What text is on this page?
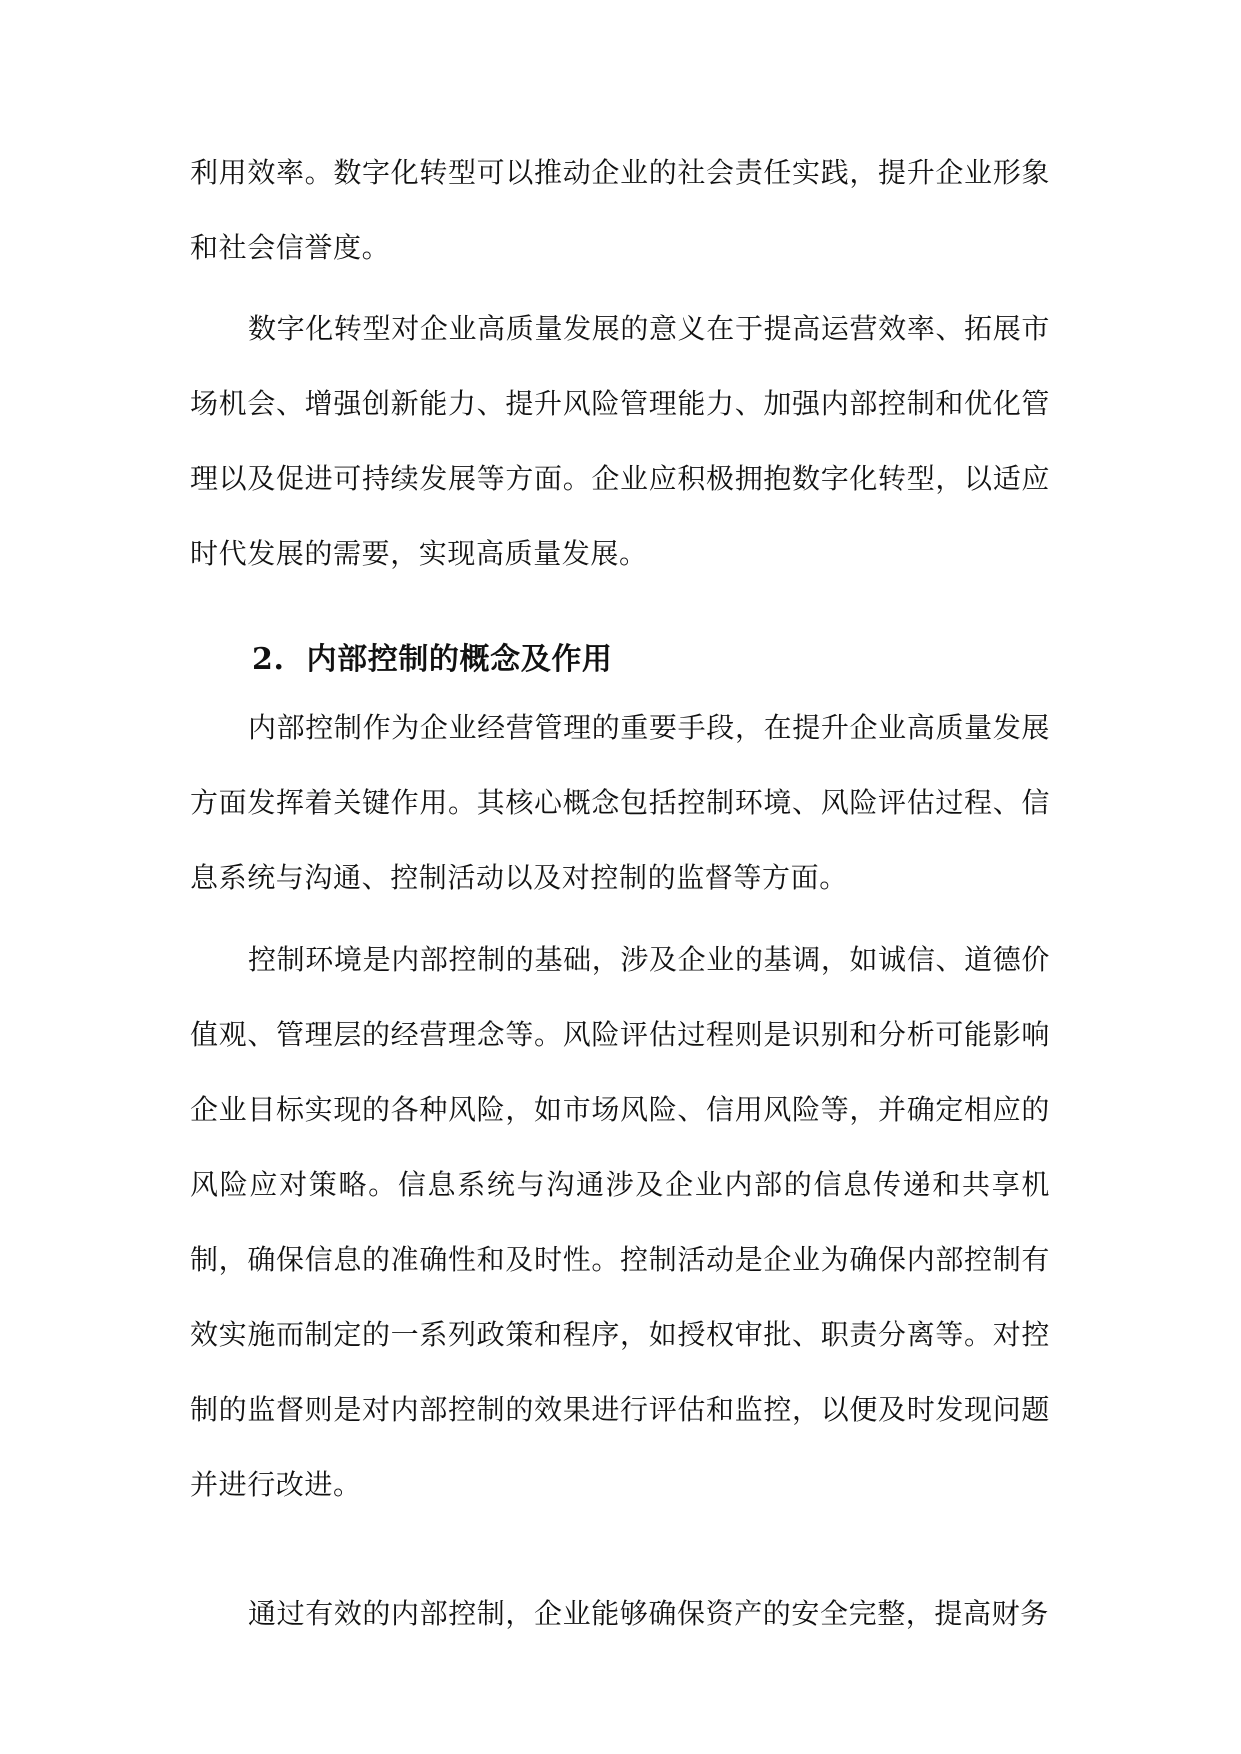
利用效率。数字化转型可以推动企业的社会责任实践，提升企业形象和社会信誉度。

数字化转型对企业高质量发展的意义在于提高运营效率、拓展市场机会、增强创新能力、提升风险管理能力、加强内部控制和优化管理以及促进可持续发展等方面。企业应积极拥抱数字化转型，以适应时代发展的需要，实现高质量发展。

2. 内部控制的概念及作用

内部控制作为企业经营管理的重要手段，在提升企业高质量发展方面发挥着关键作用。其核心概念包括控制环境、风险评估过程、信息系统与沟通、控制活动以及对控制的监督等方面。

控制环境是内部控制的基础，涉及企业的基调，如诚信、道德价值观、管理层的经营理念等。风险评估过程则是识别和分析可能影响企业目标实现的各种风险，如市场风险、信用风险等，并确定相应的风险应对策略。信息系统与沟通涉及企业内部的信息传递和共享机制，确保信息的准确性和及时性。控制活动是企业为确保内部控制有效实施而制定的一系列政策和程序，如授权审批、职责分离等。对控制的监督则是对内部控制的效果进行评估和监控，以便及时发现问题并进行改进。

通过有效的内部控制，企业能够确保资产的安全完整，提高财务
